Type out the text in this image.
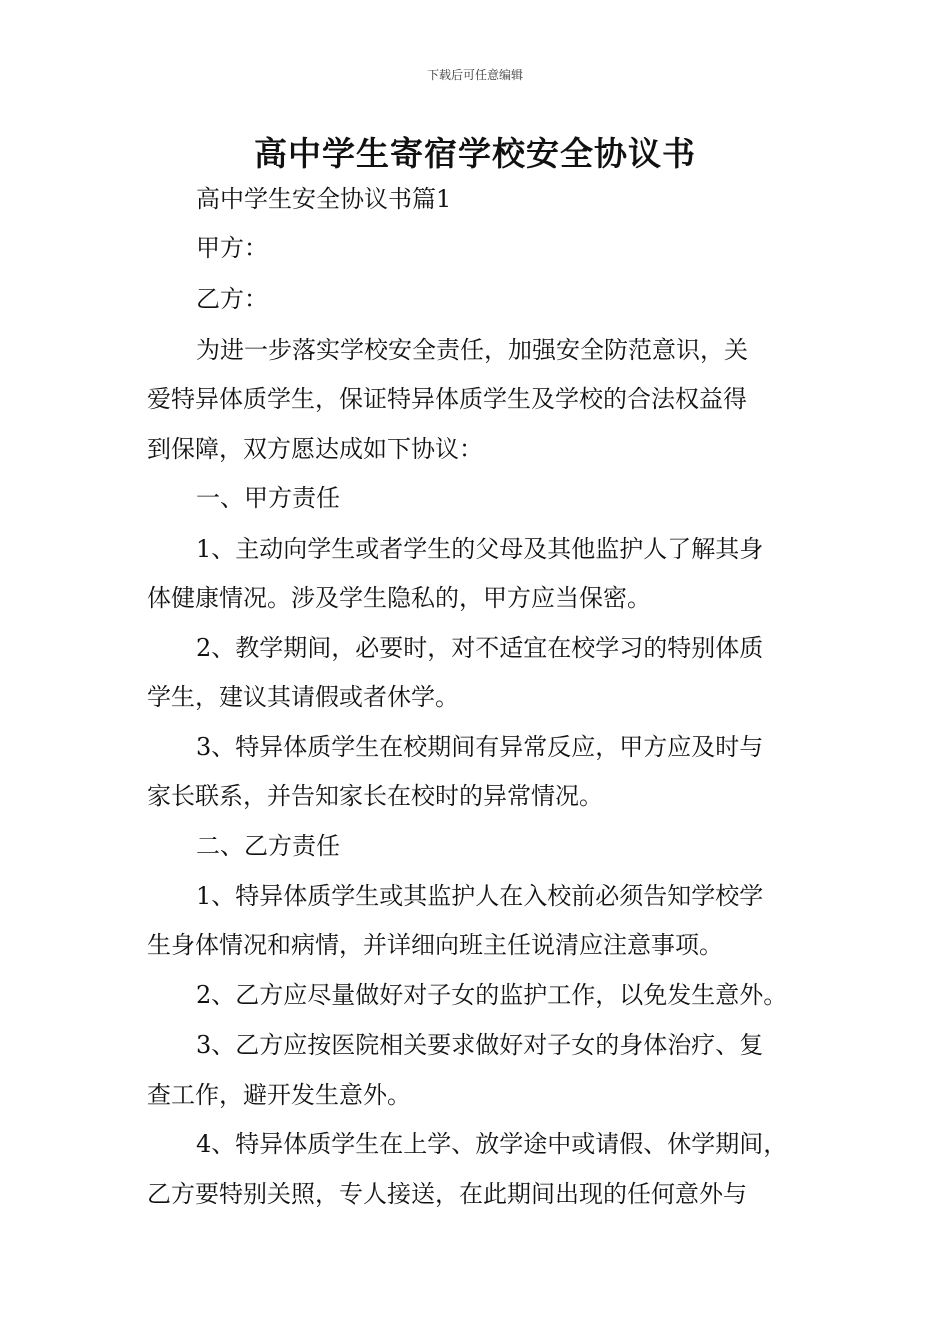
下载后可任意编辑
高中学生寄宿学校安全协议书
高中学生安全协议书篇1
甲方：
乙方：
为进一步落实学校安全责任，加强安全防范意识，关
爱特异体质学生，保证特异体质学生及学校的合法权益得
到保障，双方愿达成如下协议：
一、甲方责任
1、主动向学生或者学生的父母及其他监护人了解其身
体健康情况。涉及学生隐私的，甲方应当保密。
2、教学期间，必要时，对不适宜在校学习的特别体质
学生，建议其请假或者休学。
3、特异体质学生在校期间有异常反应，甲方应及时与
家长联系，并告知家长在校时的异常情况。
二、乙方责任
1、特异体质学生或其监护人在入校前必须告知学校学
生身体情况和病情，并详细向班主任说清应注意事项。
2、乙方应尽量做好对子女的监护工作，以免发生意外。
3、乙方应按医院相关要求做好对子女的身体治疗、复
查工作，避开发生意外。
4、特异体质学生在上学、放学途中或请假、休学期间，
乙方要特别关照，专人接送，在此期间出现的任何意外与
